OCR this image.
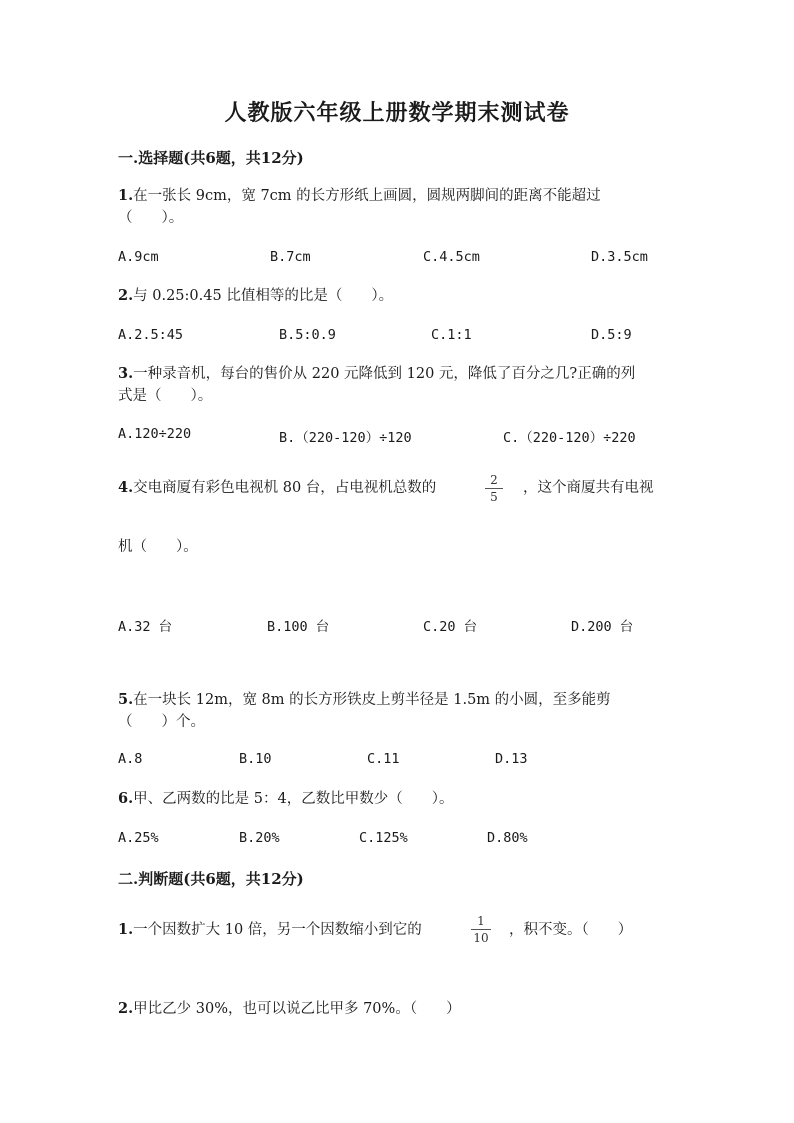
人教版六年级上册数学期末测试卷
一.选择题(共6题，共12分)
1.在一张长 9cm，宽 7cm 的长方形纸上画圆，圆规两脚间的距离不能超过
（　　）。
A.9cm	B.7cm	C.4.5cm	D.3.5cm
2.与 0.25:0.45 比值相等的比是（　　）。
A.2.5:45	B.5:0.9	C.1:1	D.5:9
3.一种录音机，每台的售价从 220 元降低到 120 元，降低了百分之几?正确的列
式是（　　）。
A.120÷220	B.（220-120）÷120	C.（220-120）÷220
4.交电商厦有彩色电视机 80 台，占电视机总数的	2
5
，这个商厦共有电视
机（　　）。
A.32 台	B.100 台	C.20 台	D.200 台
5.在一块长 12m，宽 8m 的长方形铁皮上剪半径是 1.5m 的小圆，至多能剪
（　　）个。
A.8	B.10	C.11	D.13
6.甲、乙两数的比是 5：4，乙数比甲数少（　　）。
A.25%	B.20%	C.125%	D.80%
二.判断题(共6题，共12分)
1.一个因数扩大 10 倍，另一个因数缩小到它的
1
10	，积不变。（　　）
2.甲比乙少 30%，也可以说乙比甲多 70%。（　　）
